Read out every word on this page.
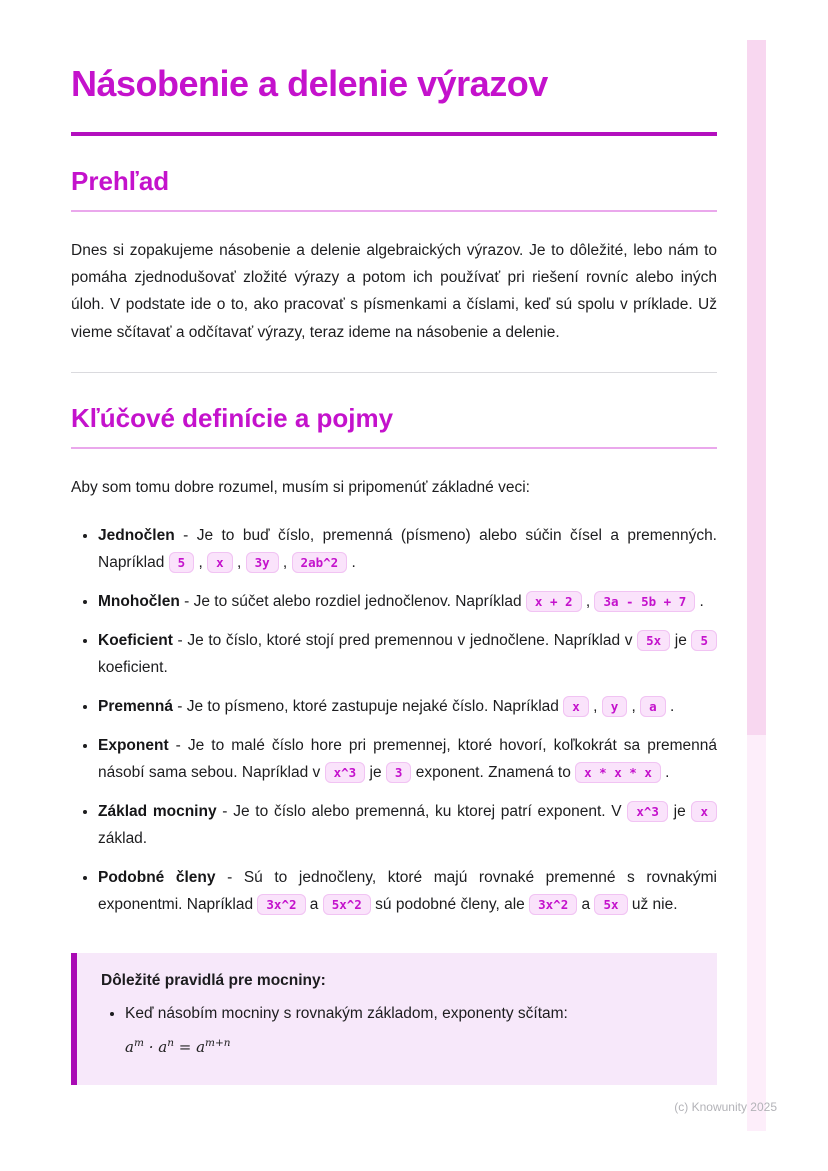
Násobenie a delenie výrazov
Prehľad

Dnes si zopakujeme násobenie a delenie algebraických výrazov. Je to dôležité, lebo nám to pomáha zjednodušovať zložité výrazy a potom ich používať pri riešení rovníc alebo iných úloh. V podstate ide o to, ako pracovať s písmenkami a číslami, keď sú spolu v príklade. Už vieme sčítavať a odčítavať výrazy, teraz ideme na násobenie a delenie.

Kľúčové definície a pojmy

Aby som tomu dobre rozumel, musím si pripomenúť základné veci:

• Jednočlen - Je to buď číslo, premenná (písmeno) alebo súčin čísel a premenných. Napríklad 5 , x , 3y , 2ab^2 .
• Mnohočlen - Je to súčet alebo rozdiel jednočlenov. Napríklad x + 2 , 3a - 5b + 7 .
• Koeficient - Je to číslo, ktoré stojí pred premennou v jednočlene. Napríklad v 5x je 5 koeficient.
• Premenná - Je to písmeno, ktoré zastupuje nejaké číslo. Napríklad x , y , a .
• Exponent - Je to malé číslo hore pri premennej, ktoré hovorí, koľkokrát sa premenná násobí sama sebou. Napríklad v x^3 je 3 exponent. Znamená to x * x * x .
• Základ mocniny - Je to číslo alebo premenná, ku ktorej patrí exponent. V x^3 je x základ.
• Podobné členy - Sú to jednočleny, ktoré majú rovnaké premenné s rovnakými exponentmi. Napríklad 3x^2 a 5x^2 sú podobné členy, ale 3x^2 a 5x už nie.

Dôležité pravidlá pre mocniny:

• Keď násobím mocniny s rovnakým základom, exponenty sčítam:
$a^m \cdot a^n = a^{m+n}$
(c) Knowunity 2025
